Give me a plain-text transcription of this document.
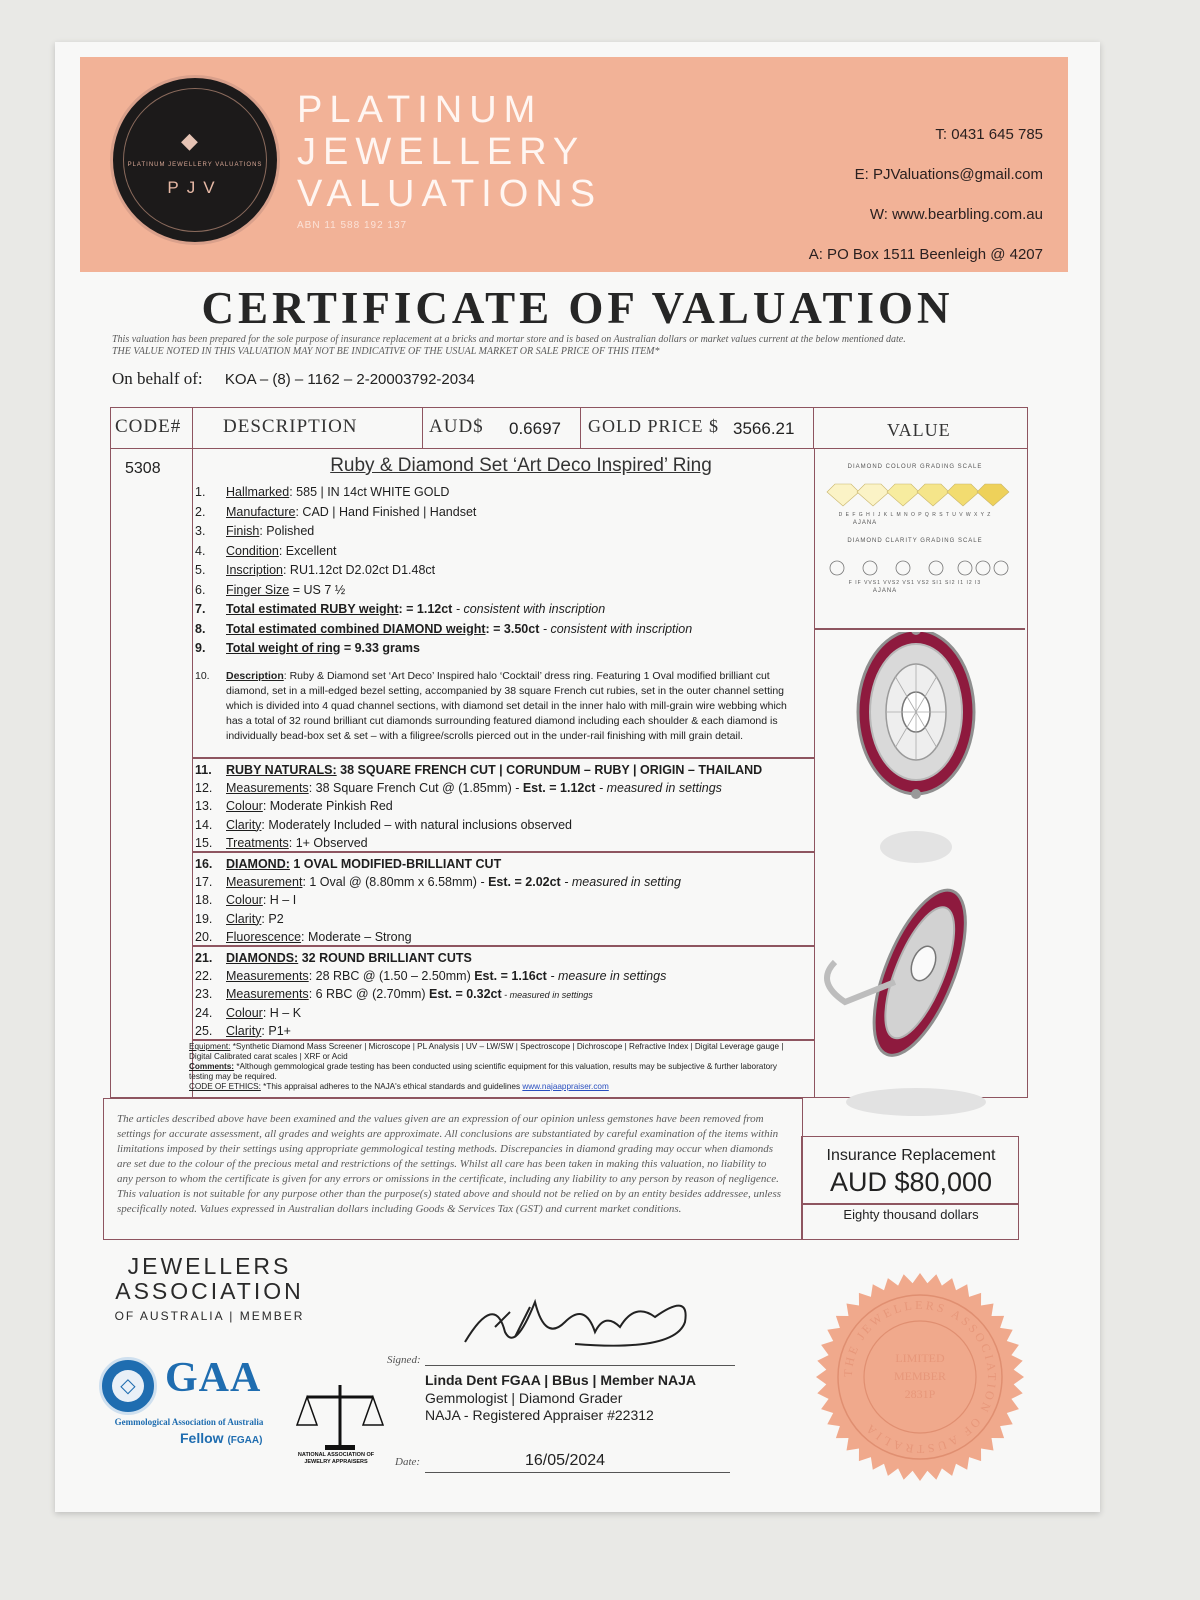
◆
PLATINUM JEWELLERY VALUATIONS
PJV
PLATINUM
JEWELLERY
VALUATIONS
ABN 11 588 192 137
T: 0431 645 785
E: PJValuations@gmail.com
W: www.bearbling.com.au
A: PO Box 1511 Beenleigh @ 4207
CERTIFICATE OF VALUATION
This valuation has been prepared for the sole purpose of insurance replacement at a bricks and mortar store and is based on Australian dollars or market values current at the below mentioned date.
THE VALUE NOTED IN THIS VALUATION MAY NOT BE INDICATIVE OF THE USUAL MARKET OR SALE PRICE OF THIS ITEM*
On behalf of: KOA – (8) – 1162 – 2-20003792-2034
CODE# DESCRIPTION	AUD$ 0.6697 GOLD PRICE $ 3566.21	VALUE
5308	Ruby & Diamond Set ‘Art Deco Inspired’ Ring
1.	Hallmarked: 585 | IN 14ct WHITE GOLD
2.	Manufacture: CAD | Hand Finished | Handset
3.	Finish: Polished
4.	Condition: Excellent
5.	Inscription: RU1.12ct D2.02ct D1.48ct
6.	Finger Size = US 7 ½
7.	Total estimated RUBY weight: = 1.12ct - consistent with inscription
8.	Total estimated combined DIAMOND weight: = 3.50ct - consistent with inscription
9.	Total weight of ring = 9.33 grams
10.	Description: Ruby & Diamond set ‘Art Deco’ Inspired halo ‘Cocktail’ dress ring. Featuring 1 Oval modified brilliant cut diamond, set in a mill-edged bezel setting, accompanied by 38 square French cut rubies, set in the outer channel setting which is divided into 4 quad channel sections, with diamond set detail in the inner halo with mill-grain wire webbing which has a total of 32 round brilliant cut diamonds surrounding featured diamond including each shoulder & each diamond is individually bead-box set & set – with a filigree/scrolls pierced out in the under-rail finishing with mill grain detail.
11.	RUBY NATURALS: 38 SQUARE FRENCH CUT | CORUNDUM – RUBY | ORIGIN – THAILAND
12.	Measurements: 38 Square French Cut @ (1.85mm) - Est. = 1.12ct - measured in settings
13.	Colour: Moderate Pinkish Red
14.	Clarity: Moderately Included – with natural inclusions observed
15.	Treatments: 1+ Observed
16.	DIAMOND: 1 OVAL MODIFIED-BRILLIANT CUT
17.	Measurement: 1 Oval @ (8.80mm x 6.58mm) - Est. = 2.02ct - measured in setting
18.	Colour: H – I
19.	Clarity: P2
20.	Fluorescence: Moderate – Strong
21.	DIAMONDS: 32 ROUND BRILLIANT CUTS
22.	Measurements: 28 RBC @ (1.50 – 2.50mm) Est. = 1.16ct - measure in settings
23.	Measurements: 6 RBC @ (2.70mm) Est. = 0.32ct - measured in settings
24.	Colour: H – K
25.	Clarity: P1+
Equipment: *Synthetic Diamond Mass Screener | Microscope | PL Analysis | UV – LW/SW | Spectroscope | Dichroscope | Refractive Index | Digital Leverage gauge | Digital Calibrated carat scales | XRF or Acid
Comments: *Although gemmological grade testing has been conducted using scientific equipment for this valuation, results may be subjective & further laboratory testing may be required.
CODE OF ETHICS: *This appraisal adheres to the NAJA's ethical standards and guidelines www.najaappraiser.com
DIAMOND COLOUR GRADING SCALE
D E F G H I J K L M N O P Q R S T U V W X Y Z
AJANA
DIAMOND CLARITY GRADING SCALE
F IF VVS1 VVS2 VS1 VS2 SI1 SI2 I1 I2 I3
AJANA
The articles described above have been examined and the values given are an expression of our opinion unless gemstones have been removed from settings for accurate assessment, all grades and weights are approximate. All conclusions are substantiated by careful examination of the items within limitations imposed by their settings using appropriate gemmological testing methods. Discrepancies in diamond grading may occur when diamonds are set due to the colour of the precious metal and restrictions of the settings. Whilst all care has been taken in making this valuation, no liability to any person to whom the certificate is given for any errors or omissions in the certificate, including any liability to any person by reason of negligence. This valuation is not suitable for any purpose other than the purpose(s) stated above and should not be relied on by an entity besides addressee, unless specifically noted. Values expressed in Australian dollars including Goods & Services Tax (GST) and current market conditions.
Insurance Replacement
AUD $80,000
Eighty thousand dollars
JEWELLERS
ASSOCIATION
OF AUSTRALIA | MEMBER
◇ GAA
Gemmological Association of Australia
Fellow (FGAA)
NATIONAL ASSOCIATION OF JEWELRY APPRAISERS
Signed:
Linda Dent FGAA | BBus | Member NAJA
Gemmologist | Diamond Grader
NAJA - Registered Appraiser #22312
Date:	16/05/2024
THE JEWELLERS ASSOCIATION OF AUSTRALIA
LIMITED
MEMBER
2831P
